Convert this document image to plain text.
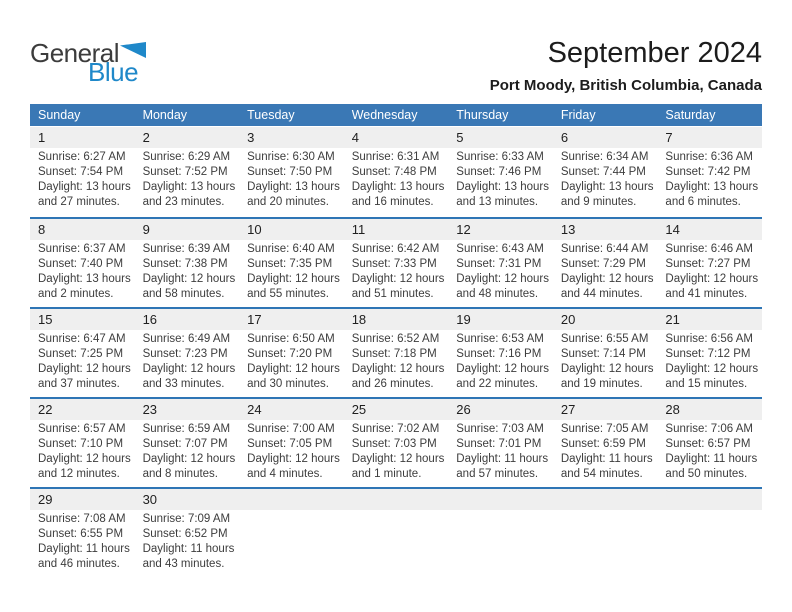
General
Blue
September 2024
Port Moody, British Columbia, Canada
Sunday	Monday	Tuesday	Wednesday	Thursday	Friday	Saturday
1	2	3	4	5	6	7
Sunrise: 6:27 AM
Sunset: 7:54 PM
Daylight: 13 hours
and 27 minutes.
Sunrise: 6:29 AM
Sunset: 7:52 PM
Daylight: 13 hours
and 23 minutes.
Sunrise: 6:30 AM
Sunset: 7:50 PM
Daylight: 13 hours
and 20 minutes.
Sunrise: 6:31 AM
Sunset: 7:48 PM
Daylight: 13 hours
and 16 minutes.
Sunrise: 6:33 AM
Sunset: 7:46 PM
Daylight: 13 hours
and 13 minutes.
Sunrise: 6:34 AM
Sunset: 7:44 PM
Daylight: 13 hours
and 9 minutes.
Sunrise: 6:36 AM
Sunset: 7:42 PM
Daylight: 13 hours
and 6 minutes.
8	9	10	11	12	13	14
Sunrise: 6:37 AM
Sunset: 7:40 PM
Daylight: 13 hours
and 2 minutes.
Sunrise: 6:39 AM
Sunset: 7:38 PM
Daylight: 12 hours
and 58 minutes.
Sunrise: 6:40 AM
Sunset: 7:35 PM
Daylight: 12 hours
and 55 minutes.
Sunrise: 6:42 AM
Sunset: 7:33 PM
Daylight: 12 hours
and 51 minutes.
Sunrise: 6:43 AM
Sunset: 7:31 PM
Daylight: 12 hours
and 48 minutes.
Sunrise: 6:44 AM
Sunset: 7:29 PM
Daylight: 12 hours
and 44 minutes.
Sunrise: 6:46 AM
Sunset: 7:27 PM
Daylight: 12 hours
and 41 minutes.
15	16	17	18	19	20	21
Sunrise: 6:47 AM
Sunset: 7:25 PM
Daylight: 12 hours
and 37 minutes.
Sunrise: 6:49 AM
Sunset: 7:23 PM
Daylight: 12 hours
and 33 minutes.
Sunrise: 6:50 AM
Sunset: 7:20 PM
Daylight: 12 hours
and 30 minutes.
Sunrise: 6:52 AM
Sunset: 7:18 PM
Daylight: 12 hours
and 26 minutes.
Sunrise: 6:53 AM
Sunset: 7:16 PM
Daylight: 12 hours
and 22 minutes.
Sunrise: 6:55 AM
Sunset: 7:14 PM
Daylight: 12 hours
and 19 minutes.
Sunrise: 6:56 AM
Sunset: 7:12 PM
Daylight: 12 hours
and 15 minutes.
22	23	24	25	26	27	28
Sunrise: 6:57 AM
Sunset: 7:10 PM
Daylight: 12 hours
and 12 minutes.
Sunrise: 6:59 AM
Sunset: 7:07 PM
Daylight: 12 hours
and 8 minutes.
Sunrise: 7:00 AM
Sunset: 7:05 PM
Daylight: 12 hours
and 4 minutes.
Sunrise: 7:02 AM
Sunset: 7:03 PM
Daylight: 12 hours
and 1 minute.
Sunrise: 7:03 AM
Sunset: 7:01 PM
Daylight: 11 hours
and 57 minutes.
Sunrise: 7:05 AM
Sunset: 6:59 PM
Daylight: 11 hours
and 54 minutes.
Sunrise: 7:06 AM
Sunset: 6:57 PM
Daylight: 11 hours
and 50 minutes.
29	30
Sunrise: 7:08 AM
Sunset: 6:55 PM
Daylight: 11 hours
and 46 minutes.
Sunrise: 7:09 AM
Sunset: 6:52 PM
Daylight: 11 hours
and 43 minutes.
